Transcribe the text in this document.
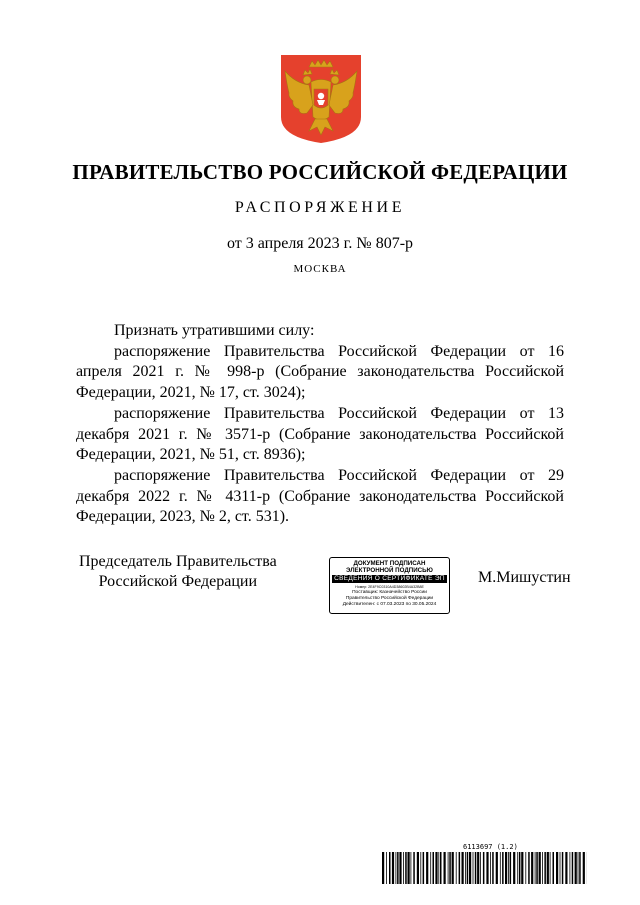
ПРАВИТЕЛЬСТВО РОССИЙСКОЙ ФЕДЕРАЦИИ
РАСПОРЯЖЕНИЕ
от 3 апреля 2023 г. № 807-р
МОСКВА

Признать утратившими силу:

распоряжение Правительства Российской Федерации от 16 апреля 2021 г. № 998-р (Собрание законодательства Российской Федерации, 2021, № 17, ст. 3024);

распоряжение Правительства Российской Федерации от 13 декабря 2021 г. № 3571-р (Собрание законодательства Российской Федерации, 2021, № 51, ст. 8936);

распоряжение Правительства Российской Федерации от 29 декабря 2022 г. № 4311-р (Собрание законодательства Российской Федерации, 2023, № 2, ст. 531).

Председатель Правительства
Российской Федерации
ДОКУМЕНТ ПОДПИСАН
ЭЛЕКТРОННОЙ ПОДПИСЬЮ
СВЕДЕНИЯ О СЕРТИФИКАТЕ ЭП
Номер: 2E4F9C0310A4D38602B4A32B8E
Поставщик: Казначейство России
Правительство Российской Федерации
Действителен: с 07.03.2023 по 30.05.2024
М.Мишустин
6113697 (1.2)
